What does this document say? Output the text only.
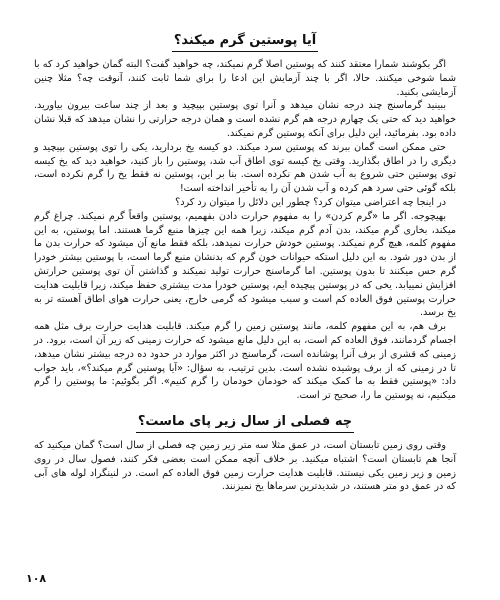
آیا پوستین گرم میکند؟

اگر بکوشند شمارا معتقد کنند که پوستین اصلا گرم نمیکند، چه خواهید گفت؟ البته گمان خواهید کرد که با شما شوخی میکنند. حالا، اگر با چند آزمایش این ادعا را برای شما ثابت کنند، آنوقت چه؟ مثلا چنین آزمایشی بکنید.

ببینید گرماسنج چند درجه نشان میدهد و آنرا توی پوستین بپیچید و بعد از چند ساعت بیرون بیاورید. خواهید دید که حتی یک چهارم درجه هم گرم نشده است و همان درجه حرارتی را نشان میدهد که قبلا نشان داده بود. بفرمائید، این دلیل برای آنکه پوستین گرم نمیکند.

حتی ممکن است گمان ببرند که پوستین سرد میکند. دو کیسه یخ بردارید، یکی را توی پوستین بپیچید و دیگری را در اطاق بگذارید. وقتی یخ کیسه توی اطاق آب شد، پوستین را باز کنید، خواهید دید که یخ کیسه توی پوستین حتی شروع به آب شدن هم نکرده است. بنا بر این، پوستین نه فقط یخ را گرم نکرده است، بلکه گوئی حتی سرد هم کرده و آب شدن آن را به تأخیر انداخته است!

در اینجا چه اعتراضی میتوان کرد؟ چطور این دلائل را میتوان رد کرد؟

بهیچوجه. اگر ما «گرم کردن» را به مفهوم حرارت دادن بفهمیم، پوستین واقعاً گرم نمیکند. چراغ گرم میکند، بخاری گرم میکند، بدن آدم گرم میکند، زیرا همه این چیزها منبع گرما هستند. اما پوستین، به این مفهوم کلمه، هیچ گرم نمیکند. پوستین خودش حرارت نمیدهد، بلکه فقط مانع آن میشود که حرارت بدن ما از بدن دور شود. به این دلیل استکه حیوانات خون گرم که بدنشان منبع گرما است، با پوستین بیشتر خودرا گرم حس میکنند تا بدون پوستین. اما گرماسنج حرارت تولید نمیکند و گذاشتن آن توی پوستین حرارتش افزایش نمییابد. یخی که در پوستین پیچیده ایم، پوستین خودرا مدت بیشتری حفظ میکند، زیرا قابلیت هدایت حرارت پوستین فوق العاده کم است و سبب میشود که گرمی خارج، یعنی حرارت هوای اطاق آهسته تر به یخ برسد.

برف هم، به این مفهوم کلمه، مانند پوستین زمین را گرم میکند. قابلیت هدایت حرارت برف مثل همه اجسام گردمانند، فوق العاده کم است، به این دلیل مانع میشود که حرارت زمینی که زیر آن است، برود. در زمینی که قشری از برف آنرا پوشانده است، گرماسنج در اکثر موارد در حدود ده درجه بیشتر نشان میدهد، تا در زمینی که از برف پوشیده نشده است. بدین ترتیب، به سؤال: «آیا پوستین گرم میکند؟»، باید جواب داد: «پوستین فقط به ما کمک میکند که خودمان خودمان را گرم کنیم». اگر بگوئیم: ما پوستین را گرم میکنیم، نه پوستین ما را، صحیح تر است.

چه فصلی از سال زیر پای ماست؟

وقتی روی زمین تابستان است، در عمق مثلا سه متر زیر زمین چه فصلی از سال است؟ گمان میکنید که آنجا هم تابستان است؟ اشتباه میکنید. بر خلاف آنچه ممکن است بعضی فکر کنند، فصول سال در روی زمین و زیر زمین یکی نیستند. قابلیت هدایت حرارت زمین فوق العاده کم است. در لنینگراد لوله های آبی که در عمق دو متر هستند، در شدیدترین سرماها یخ نمیزنند.

۱۰۸
